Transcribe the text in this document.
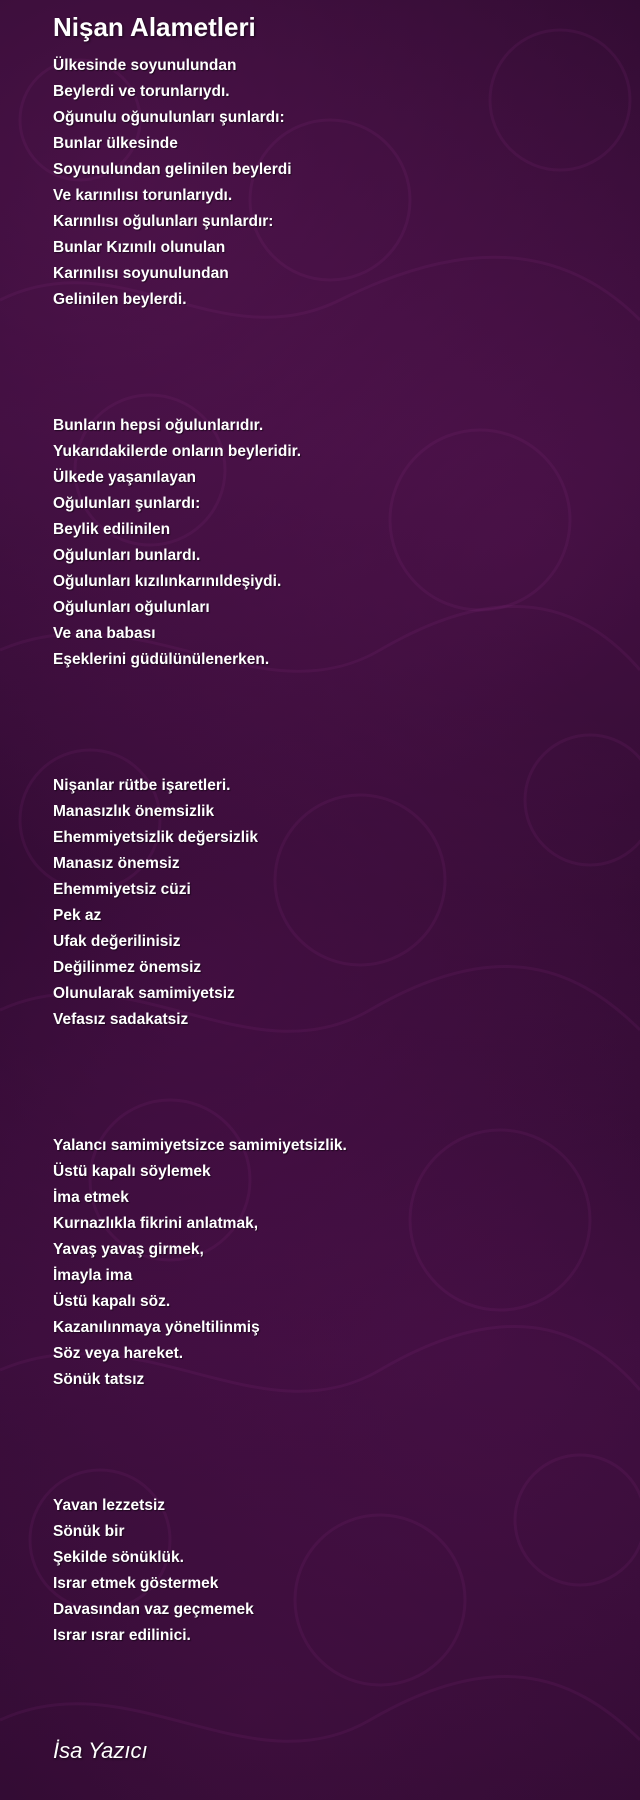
Nişan Alametleri
Ülkesinde soyunulundan
Beylerdi ve torunlarıydı.
Oğunulu oğunulunları şunlardı:
Bunlar ülkesinde
Soyunulundan gelinilen beylerdi
Ve karınılısı torunlarıydı.
Karınılısı oğulunları şunlardır:
Bunlar Kızınılı olunulan
Karınılısı soyunulundan
Gelinilen beylerdi.
Bunların hepsi oğulunlarıdır.
Yukarıdakilerde onların beyleridir.
Ülkede yaşanılayan
Oğulunları şunlardı:
Beylik edilinilen
Oğulunları bunlardı.
Oğulunları kızılınkarınıldeşiydi.
Oğulunları oğulunları
Ve ana babası
Eşeklerini güdülünülenerken.
Nişanlar rütbe işaretleri.
Manasızlık önemsizlik
Ehemmiyetsizlik değersizlik
Manasız önemsiz
Ehemmiyetsiz cüzi
Pek az
Ufak değerilinisiz
Değilinmez önemsiz
Olunularak samimiyetsiz
Vefasız sadakatsiz
Yalancı samimiyetsizce samimiyetsizlik.
Üstü kapalı söylemek
İma etmek
Kurnazlıkla fikrini anlatmak,
Yavaş yavaş girmek,
İmayla ima
Üstü kapalı söz.
Kazanılınmaya yöneltilinmiş
Söz veya hareket.
Sönük tatsız
Yavan lezzetsiz
Sönük bir
Şekilde sönüklük.
Israr etmek göstermek
Davasından vaz geçmemek
Israr ısrar edilinici.
İsa Yazıcı
